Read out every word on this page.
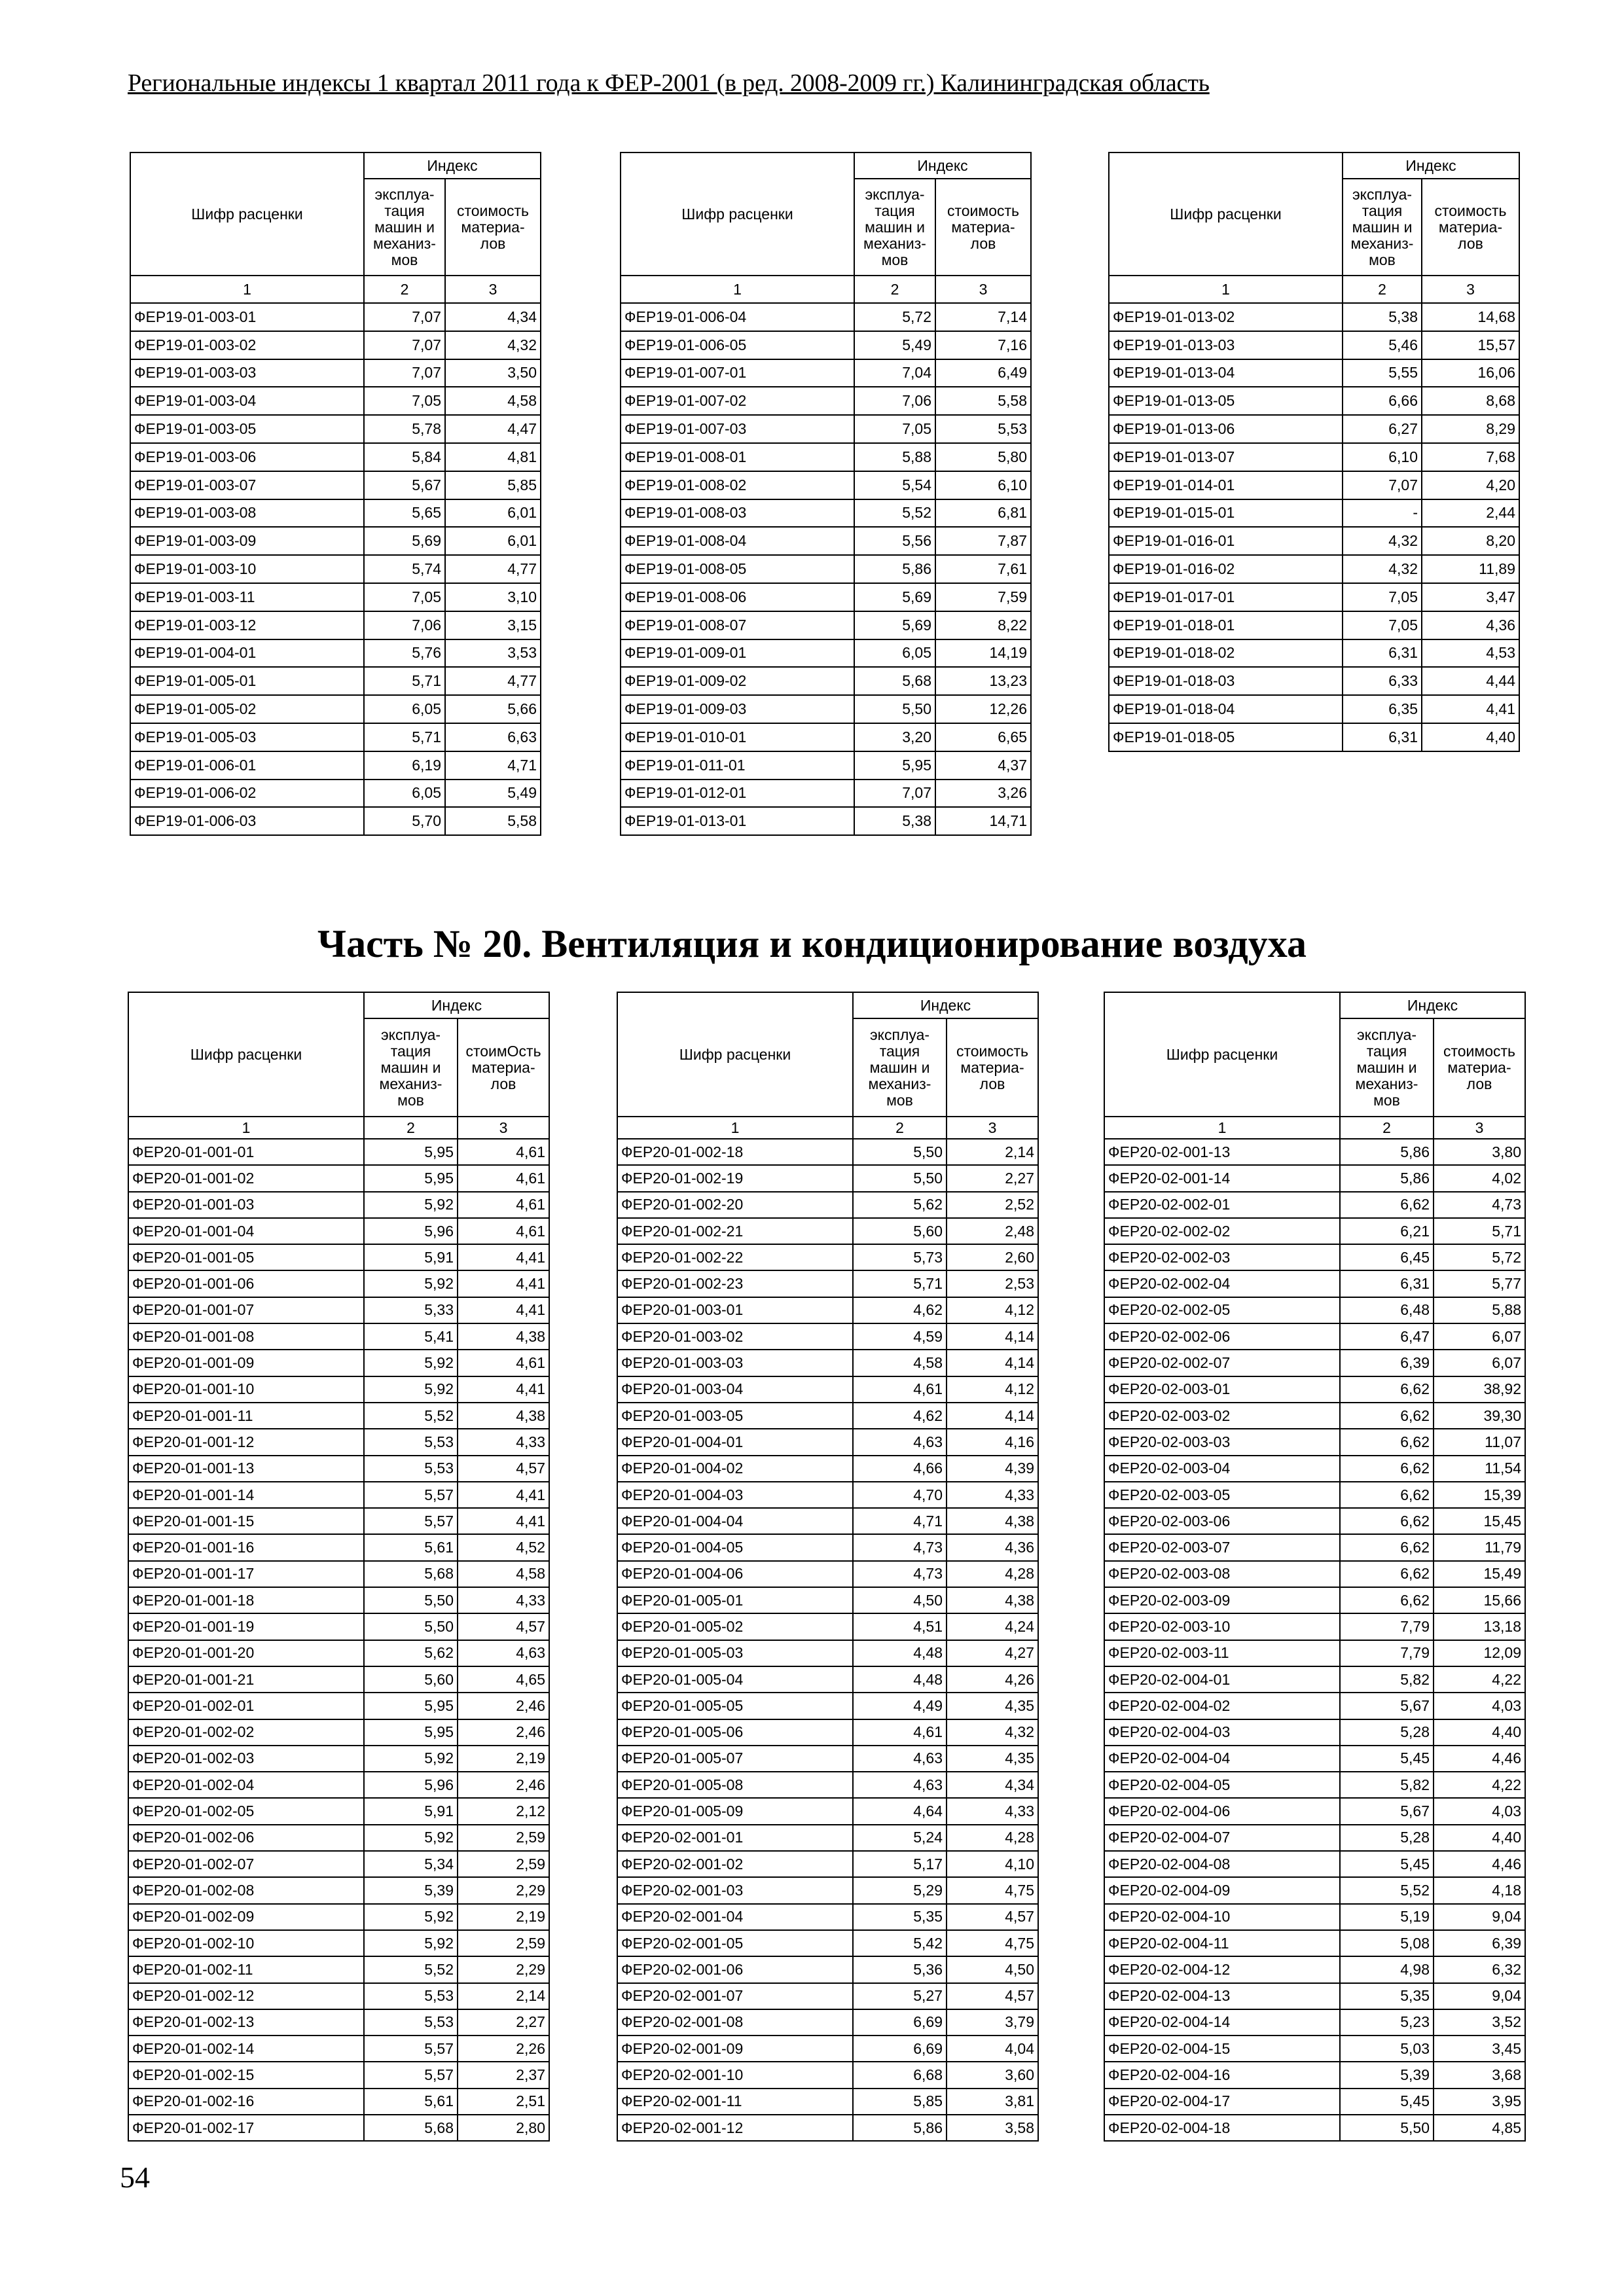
Региональные индексы 1 квартал 2011 года к ФЕР-2001 (в ред. 2008-2009 гг.) Калининградская область
Часть № 20. Вентиляция и кондиционирование воздуха
54
Шифр расценки	Индекс	
	эксплуа-
тация
машин и
механиз-
мов	стоимость
материа-
лов
1	2	3
ФЕР19-01-003-01	7,07	4,34
ФЕР19-01-003-02	7,07	4,32
ФЕР19-01-003-03	7,07	3,50
ФЕР19-01-003-04	7,05	4,58
ФЕР19-01-003-05	5,78	4,47
ФЕР19-01-003-06	5,84	4,81
ФЕР19-01-003-07	5,67	5,85
ФЕР19-01-003-08	5,65	6,01
ФЕР19-01-003-09	5,69	6,01
ФЕР19-01-003-10	5,74	4,77
ФЕР19-01-003-11	7,05	3,10
ФЕР19-01-003-12	7,06	3,15
ФЕР19-01-004-01	5,76	3,53
ФЕР19-01-005-01	5,71	4,77
ФЕР19-01-005-02	6,05	5,66
ФЕР19-01-005-03	5,71	6,63
ФЕР19-01-006-01	6,19	4,71
ФЕР19-01-006-02	6,05	5,49
ФЕР19-01-006-03	5,70	5,58
Шифр расценки	Индекс	
	эксплуа-
тация
машин и
механиз-
мов	стоимость
материа-
лов
1	2	3
ФЕР19-01-006-04	5,72	7,14
ФЕР19-01-006-05	5,49	7,16
ФЕР19-01-007-01	7,04	6,49
ФЕР19-01-007-02	7,06	5,58
ФЕР19-01-007-03	7,05	5,53
ФЕР19-01-008-01	5,88	5,80
ФЕР19-01-008-02	5,54	6,10
ФЕР19-01-008-03	5,52	6,81
ФЕР19-01-008-04	5,56	7,87
ФЕР19-01-008-05	5,86	7,61
ФЕР19-01-008-06	5,69	7,59
ФЕР19-01-008-07	5,69	8,22
ФЕР19-01-009-01	6,05	14,19
ФЕР19-01-009-02	5,68	13,23
ФЕР19-01-009-03	5,50	12,26
ФЕР19-01-010-01	3,20	6,65
ФЕР19-01-011-01	5,95	4,37
ФЕР19-01-012-01	7,07	3,26
ФЕР19-01-013-01	5,38	14,71
Шифр расценки	Индекс	
	эксплуа-
тация
машин и
механиз-
мов	стоимость
материа-
лов
1	2	3
ФЕР19-01-013-02	5,38	14,68
ФЕР19-01-013-03	5,46	15,57
ФЕР19-01-013-04	5,55	16,06
ФЕР19-01-013-05	6,66	8,68
ФЕР19-01-013-06	6,27	8,29
ФЕР19-01-013-07	6,10	7,68
ФЕР19-01-014-01	7,07	4,20
ФЕР19-01-015-01	-	2,44
ФЕР19-01-016-01	4,32	8,20
ФЕР19-01-016-02	4,32	11,89
ФЕР19-01-017-01	7,05	3,47
ФЕР19-01-018-01	7,05	4,36
ФЕР19-01-018-02	6,31	4,53
ФЕР19-01-018-03	6,33	4,44
ФЕР19-01-018-04	6,35	4,41
ФЕР19-01-018-05	6,31	4,40
Шифр расценки	Индекс	
	эксплуа-
тация
машин и
механиз-
мов	стоимОсть
материа-
лов
1	2	3
ФЕР20-01-001-01	5,95	4,61
ФЕР20-01-001-02	5,95	4,61
ФЕР20-01-001-03	5,92	4,61
ФЕР20-01-001-04	5,96	4,61
ФЕР20-01-001-05	5,91	4,41
ФЕР20-01-001-06	5,92	4,41
ФЕР20-01-001-07	5,33	4,41
ФЕР20-01-001-08	5,41	4,38
ФЕР20-01-001-09	5,92	4,61
ФЕР20-01-001-10	5,92	4,41
ФЕР20-01-001-11	5,52	4,38
ФЕР20-01-001-12	5,53	4,33
ФЕР20-01-001-13	5,53	4,57
ФЕР20-01-001-14	5,57	4,41
ФЕР20-01-001-15	5,57	4,41
ФЕР20-01-001-16	5,61	4,52
ФЕР20-01-001-17	5,68	4,58
ФЕР20-01-001-18	5,50	4,33
ФЕР20-01-001-19	5,50	4,57
ФЕР20-01-001-20	5,62	4,63
ФЕР20-01-001-21	5,60	4,65
ФЕР20-01-002-01	5,95	2,46
ФЕР20-01-002-02	5,95	2,46
ФЕР20-01-002-03	5,92	2,19
ФЕР20-01-002-04	5,96	2,46
ФЕР20-01-002-05	5,91	2,12
ФЕР20-01-002-06	5,92	2,59
ФЕР20-01-002-07	5,34	2,59
ФЕР20-01-002-08	5,39	2,29
ФЕР20-01-002-09	5,92	2,19
ФЕР20-01-002-10	5,92	2,59
ФЕР20-01-002-11	5,52	2,29
ФЕР20-01-002-12	5,53	2,14
ФЕР20-01-002-13	5,53	2,27
ФЕР20-01-002-14	5,57	2,26
ФЕР20-01-002-15	5,57	2,37
ФЕР20-01-002-16	5,61	2,51
ФЕР20-01-002-17	5,68	2,80
Шифр расценки	Индекс	
	эксплуа-
тация
машин и
механиз-
мов	стоимость
материа-
лов
1	2	3
ФЕР20-01-002-18	5,50	2,14
ФЕР20-01-002-19	5,50	2,27
ФЕР20-01-002-20	5,62	2,52
ФЕР20-01-002-21	5,60	2,48
ФЕР20-01-002-22	5,73	2,60
ФЕР20-01-002-23	5,71	2,53
ФЕР20-01-003-01	4,62	4,12
ФЕР20-01-003-02	4,59	4,14
ФЕР20-01-003-03	4,58	4,14
ФЕР20-01-003-04	4,61	4,12
ФЕР20-01-003-05	4,62	4,14
ФЕР20-01-004-01	4,63	4,16
ФЕР20-01-004-02	4,66	4,39
ФЕР20-01-004-03	4,70	4,33
ФЕР20-01-004-04	4,71	4,38
ФЕР20-01-004-05	4,73	4,36
ФЕР20-01-004-06	4,73	4,28
ФЕР20-01-005-01	4,50	4,38
ФЕР20-01-005-02	4,51	4,24
ФЕР20-01-005-03	4,48	4,27
ФЕР20-01-005-04	4,48	4,26
ФЕР20-01-005-05	4,49	4,35
ФЕР20-01-005-06	4,61	4,32
ФЕР20-01-005-07	4,63	4,35
ФЕР20-01-005-08	4,63	4,34
ФЕР20-01-005-09	4,64	4,33
ФЕР20-02-001-01	5,24	4,28
ФЕР20-02-001-02	5,17	4,10
ФЕР20-02-001-03	5,29	4,75
ФЕР20-02-001-04	5,35	4,57
ФЕР20-02-001-05	5,42	4,75
ФЕР20-02-001-06	5,36	4,50
ФЕР20-02-001-07	5,27	4,57
ФЕР20-02-001-08	6,69	3,79
ФЕР20-02-001-09	6,69	4,04
ФЕР20-02-001-10	6,68	3,60
ФЕР20-02-001-11	5,85	3,81
ФЕР20-02-001-12	5,86	3,58
Шифр расценки	Индекс	
	эксплуа-
тация
машин и
механиз-
мов	стоимость
материа-
лов
1	2	3
ФЕР20-02-001-13	5,86	3,80
ФЕР20-02-001-14	5,86	4,02
ФЕР20-02-002-01	6,62	4,73
ФЕР20-02-002-02	6,21	5,71
ФЕР20-02-002-03	6,45	5,72
ФЕР20-02-002-04	6,31	5,77
ФЕР20-02-002-05	6,48	5,88
ФЕР20-02-002-06	6,47	6,07
ФЕР20-02-002-07	6,39	6,07
ФЕР20-02-003-01	6,62	38,92
ФЕР20-02-003-02	6,62	39,30
ФЕР20-02-003-03	6,62	11,07
ФЕР20-02-003-04	6,62	11,54
ФЕР20-02-003-05	6,62	15,39
ФЕР20-02-003-06	6,62	15,45
ФЕР20-02-003-07	6,62	11,79
ФЕР20-02-003-08	6,62	15,49
ФЕР20-02-003-09	6,62	15,66
ФЕР20-02-003-10	7,79	13,18
ФЕР20-02-003-11	7,79	12,09
ФЕР20-02-004-01	5,82	4,22
ФЕР20-02-004-02	5,67	4,03
ФЕР20-02-004-03	5,28	4,40
ФЕР20-02-004-04	5,45	4,46
ФЕР20-02-004-05	5,82	4,22
ФЕР20-02-004-06	5,67	4,03
ФЕР20-02-004-07	5,28	4,40
ФЕР20-02-004-08	5,45	4,46
ФЕР20-02-004-09	5,52	4,18
ФЕР20-02-004-10	5,19	9,04
ФЕР20-02-004-11	5,08	6,39
ФЕР20-02-004-12	4,98	6,32
ФЕР20-02-004-13	5,35	9,04
ФЕР20-02-004-14	5,23	3,52
ФЕР20-02-004-15	5,03	3,45
ФЕР20-02-004-16	5,39	3,68
ФЕР20-02-004-17	5,45	3,95
ФЕР20-02-004-18	5,50	4,85
